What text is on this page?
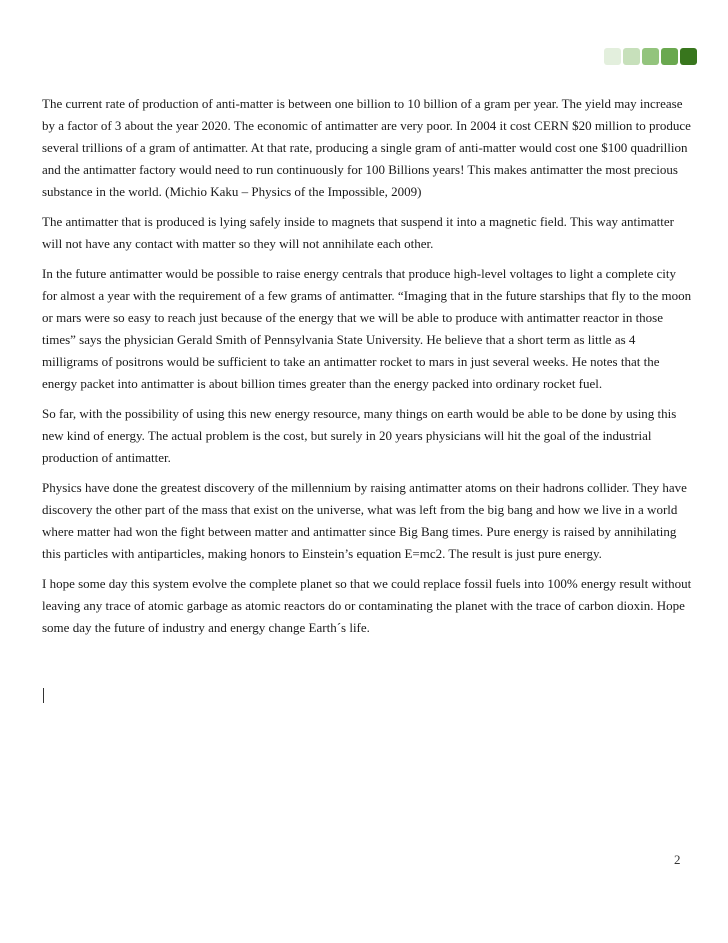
The current rate of production of anti-matter is between one billion to 10 billion of a gram per year. The yield may increase by a factor of 3 about the year 2020. The economic of antimatter are very poor. In 2004 it cost CERN $20 million to produce several trillions of a gram of antimatter. At that rate, producing a single gram of anti-matter would cost one $100 quadrillion and the antimatter factory would need to run continuously for 100 Billions years! This makes antimatter the most precious substance in the world. (Michio Kaku – Physics of the Impossible, 2009)

The antimatter that is produced is lying safely inside to magnets that suspend it into a magnetic field. This way antimatter will not have any contact with matter so they will not annihilate each other.

In the future antimatter would be possible to raise energy centrals that produce high-level voltages to light a complete city for almost a year with the requirement of a few grams of antimatter. “Imaging that in the future starships that fly to the moon or mars were so easy to reach just because of the energy that we will be able to produce with antimatter reactor in those times” says the physician Gerald Smith of Pennsylvania State University. He believe that a short term as little as 4 milligrams of positrons would be sufficient to take an antimatter rocket to mars in just several weeks. He notes that the energy packet into antimatter is about billion times greater than the energy packed into ordinary rocket fuel.

So far, with the possibility of using this new energy resource, many things on earth would be able to be done by using this new kind of energy. The actual problem is the cost, but surely in 20 years physicians will hit the goal of the industrial production of antimatter.

Physics have done the greatest discovery of the millennium by raising antimatter atoms on their hadrons collider. They have discovery the other part of the mass that exist on the universe, what was left from the big bang and how we live in a world where matter had won the fight between matter and antimatter since Big Bang times. Pure energy is raised by annihilating this particles with antiparticles, making honors to Einstein’s equation E=mc2. The result is just pure energy.

I hope some day this system evolve the complete planet so that we could replace fossil fuels into 100% energy result without leaving any trace of atomic garbage as atomic reactors do or contaminating the planet with the trace of carbon dioxin. Hope some day the future of industry and energy change Earth´s life.

2
